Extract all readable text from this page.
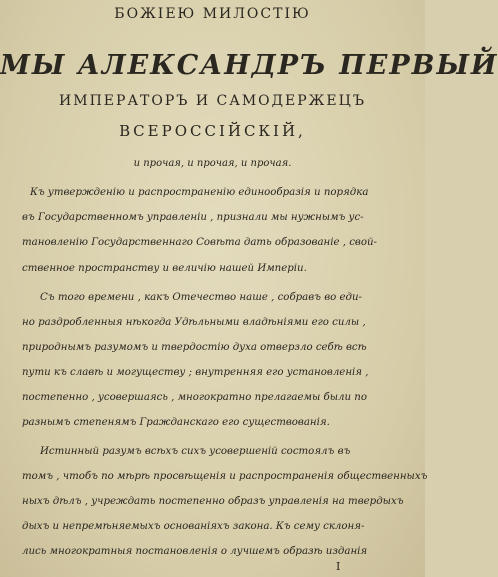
БОЖІЕЮ МИЛОСТІЮ
МЫ АЛЕКСАНДРЪ ПЕРВЫЙ
ИМПЕРАТОРЪ И САМОДЕРЖЕЦЪ
ВСЕРОССІЙСКІЙ,
и прочая, и прочая, и прочая.
Къ утвержденію и распространенію единообразія и порядка
въ Государственномъ управленіи , признали мы нужнымъ ус-
тановленію Государственнаго Совѣта дать образованіе , свой-
ственное пространству и величію нашей Имперіи.
Съ того времени , какъ Отечество наше , собравъ во еди-
но раздробленныя нѣкогда Удѣльными владѣніями его силы ,
природнымъ разумомъ и твердостію духа отверзло себѣ всѣ
пути къ славѣ и могуществу ; внутренняя его установленія ,
постепенно , усовершаясь , многократно прелагаемы были по
разнымъ степенямъ Гражданскаго его существованія.
Истинный разумъ всѣхъ сихъ усовершеній состоялъ въ
томъ , чтобъ по мѣрѣ просвѣщенія и распространенія общественныхъ
ныхъ дѣлъ , учреждать постепенно образъ управленія на твердыхъ
дыхъ и непремѣняемыхъ основаніяхъ закона. Къ сему склоня-
лись многократныя постановленія о лучшемъ образѣ изданія
I
